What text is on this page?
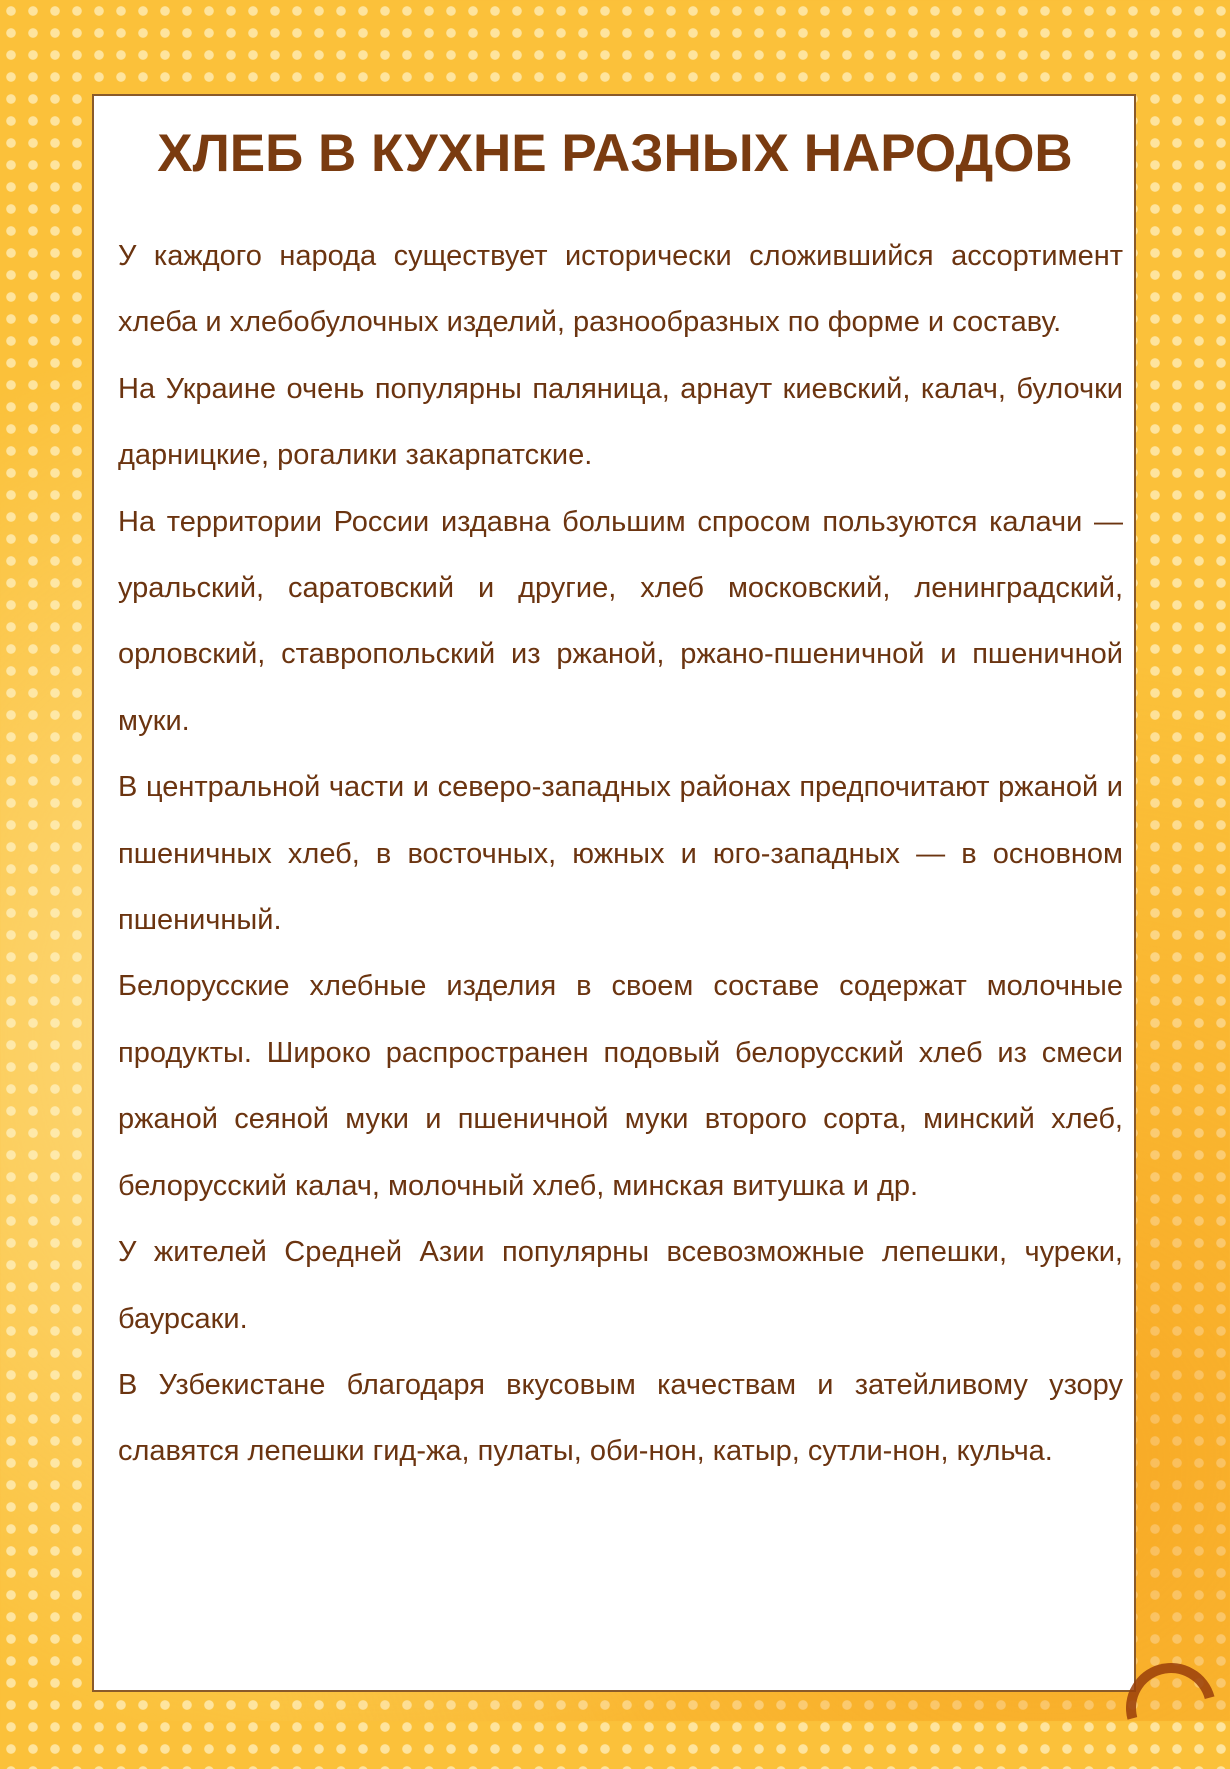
ХЛЕБ В КУХНЕ РАЗНЫХ НАРОДОВ

У каждого народа существует исторически сложившийся ассортимент хлеба и хлебобулочных изделий, разнообразных по форме и составу.

На Украине очень популярны паляница, арнаут киевский, калач, булочки дарницкие, рогалики закарпатские.

На территории России издавна большим спросом пользуются калачи — уральский, саратовский и другие, хлеб московский, ленинградский, орловский, ставропольский из ржаной, ржано-пшеничной и пшеничной муки.

В центральной части и северо-западных районах предпочитают ржаной и пшеничных хлеб, в восточных, южных и юго-западных — в основном пшеничный.

Белорусские хлебные изделия в своем составе содержат молочные продукты. Широко распространен подовый белорусский хлеб из смеси ржаной сеяной муки и пшеничной муки второго сорта, минский хлеб, белорусский калач, молочный хлеб, минская витушка и др.

У жителей Средней Азии популярны всевозможные лепешки, чуреки, баурсаки.

В Узбекистане благодаря вкусовым качествам и затейливому узору славятся лепешки гид-жа, пулаты, оби-нон, катыр, сутли-нон, кульча.
